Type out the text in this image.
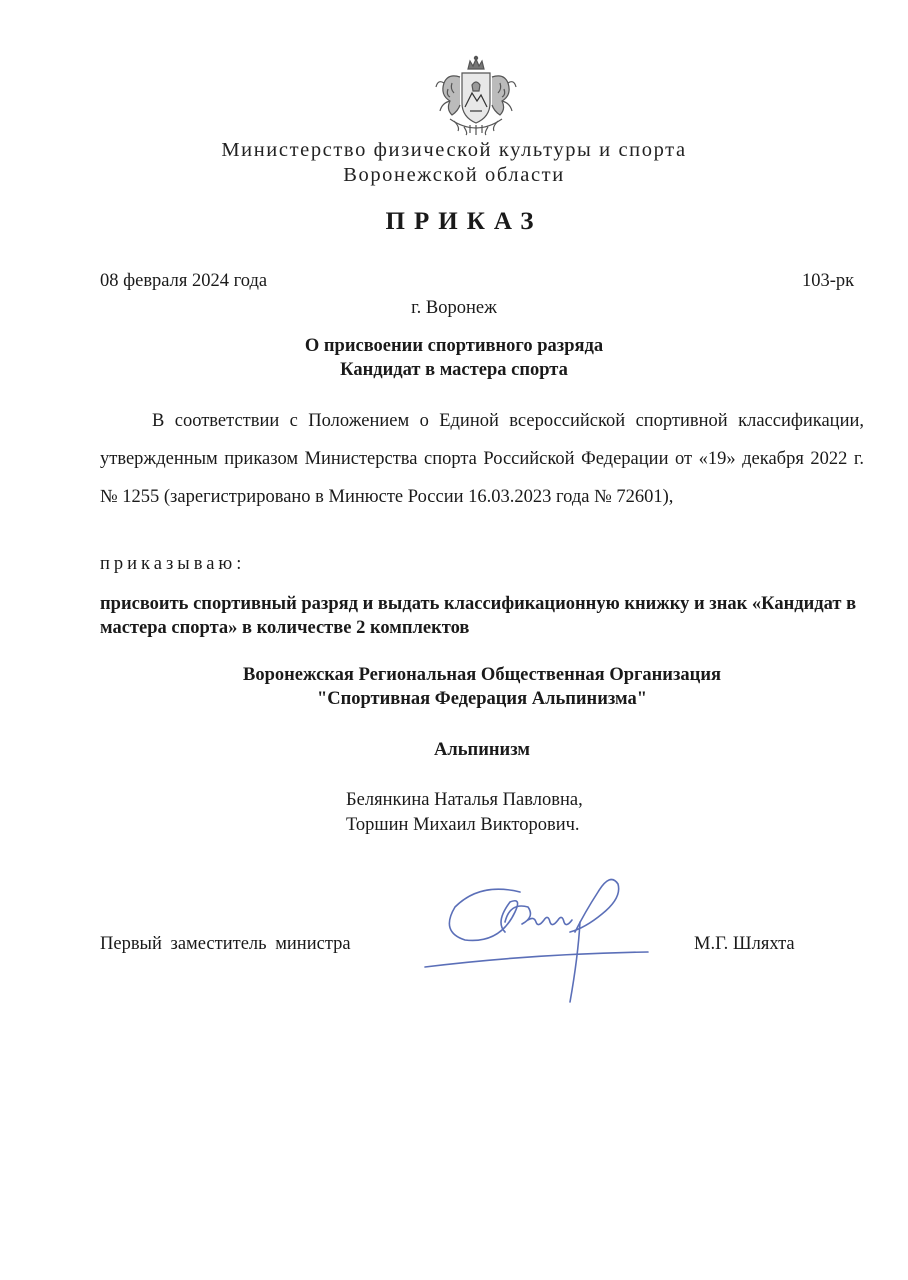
Министерство физической культуры и спорта
Воронежской области
ПРИКАЗ
08 февраля 2024 года	103-рк
г. Воронеж
О присвоении спортивного разряда
Кандидат в мастера спорта
В соответствии с Положением о Единой всероссийской спортивной классификации, утвержденным приказом Министерства спорта Российской Федерации от «19» декабря 2022 г. № 1255 (зарегистрировано в Минюсте России 16.03.2023 года № 72601),
приказываю:
присвоить спортивный разряд и выдать классификационную книжку и знак «Кандидат в мастера спорта» в количестве 2 комплектов
Воронежская Региональная Общественная Организация
"Спортивная Федерация Альпинизма"
Альпинизм
Белянкина Наталья Павловна,
Торшин Михаил Викторович.
Первый заместитель министра	М.Г. Шляхта
